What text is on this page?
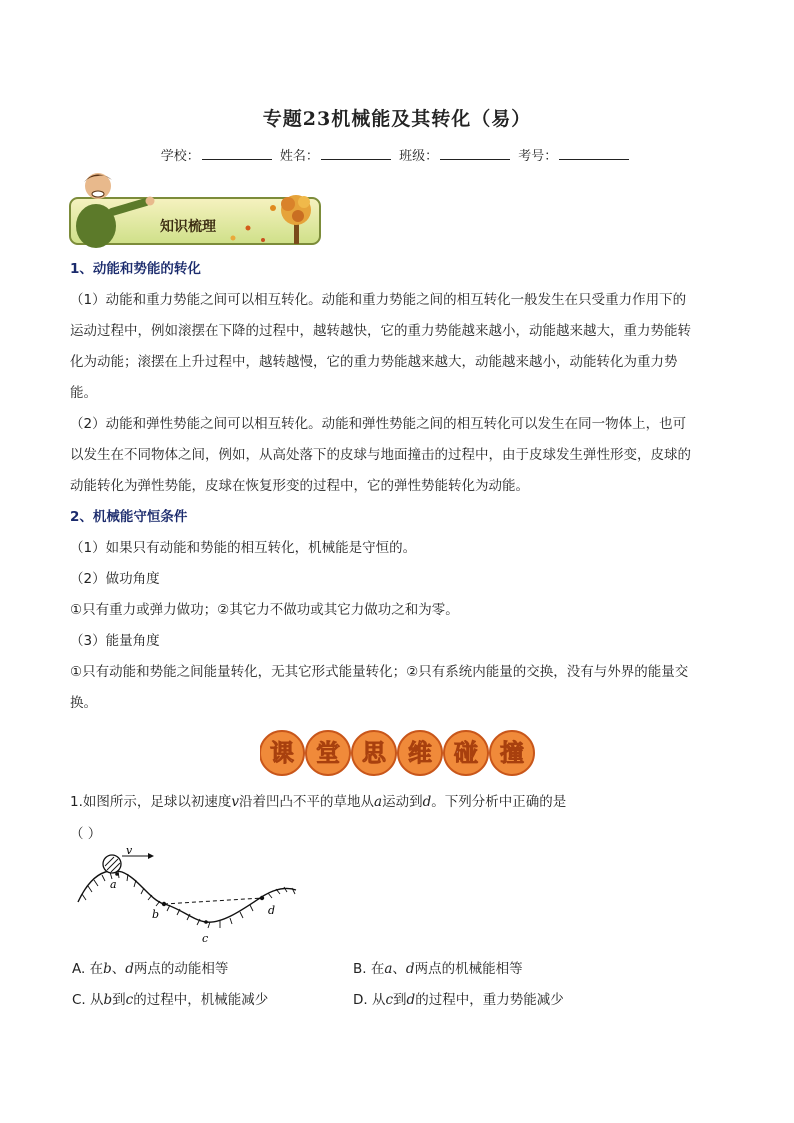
专题23机械能及其转化（易）
学校：	姓名：	班级：	考号：
知识梳理
1、动能和势能的转化
（1）动能和重力势能之间可以相互转化。动能和重力势能之间的相互转化一般发生在只受重力作用下的
运动过程中，例如滚摆在下降的过程中，越转越快，它的重力势能越来越小，动能越来越大，重力势能转
化为动能；滚摆在上升过程中，越转越慢，它的重力势能越来越大，动能越来越小，动能转化为重力势
能。
（2）动能和弹性势能之间可以相互转化。动能和弹性势能之间的相互转化可以发生在同一物体上，也可
以发生在不同物体之间，例如，从高处落下的皮球与地面撞击的过程中，由于皮球发生弹性形变，皮球的
动能转化为弹性势能，皮球在恢复形变的过程中，它的弹性势能转化为动能。
2、机械能守恒条件
（1）如果只有动能和势能的相互转化，机械能是守恒的。
（2）做功角度
①只有重力或弹力做功；②其它力不做功或其它力做功之和为零。
（3）能量角度
①只有动能和势能之间能量转化，无其它形式能量转化；②只有系统内能量的交换，没有与外界的能量交
换。
课 堂 思 维 碰 撞
1.如图所示，足球以初速度v沿着凹凸不平的草地从a运动到d。下列分析中正确的是
（ ）
v
a
b
c
d
A. 在b、d两点的动能相等	B. 在a、d两点的机械能相等
C. 从b到c的过程中，机械能减少	D. 从c到d的过程中，重力势能减少
